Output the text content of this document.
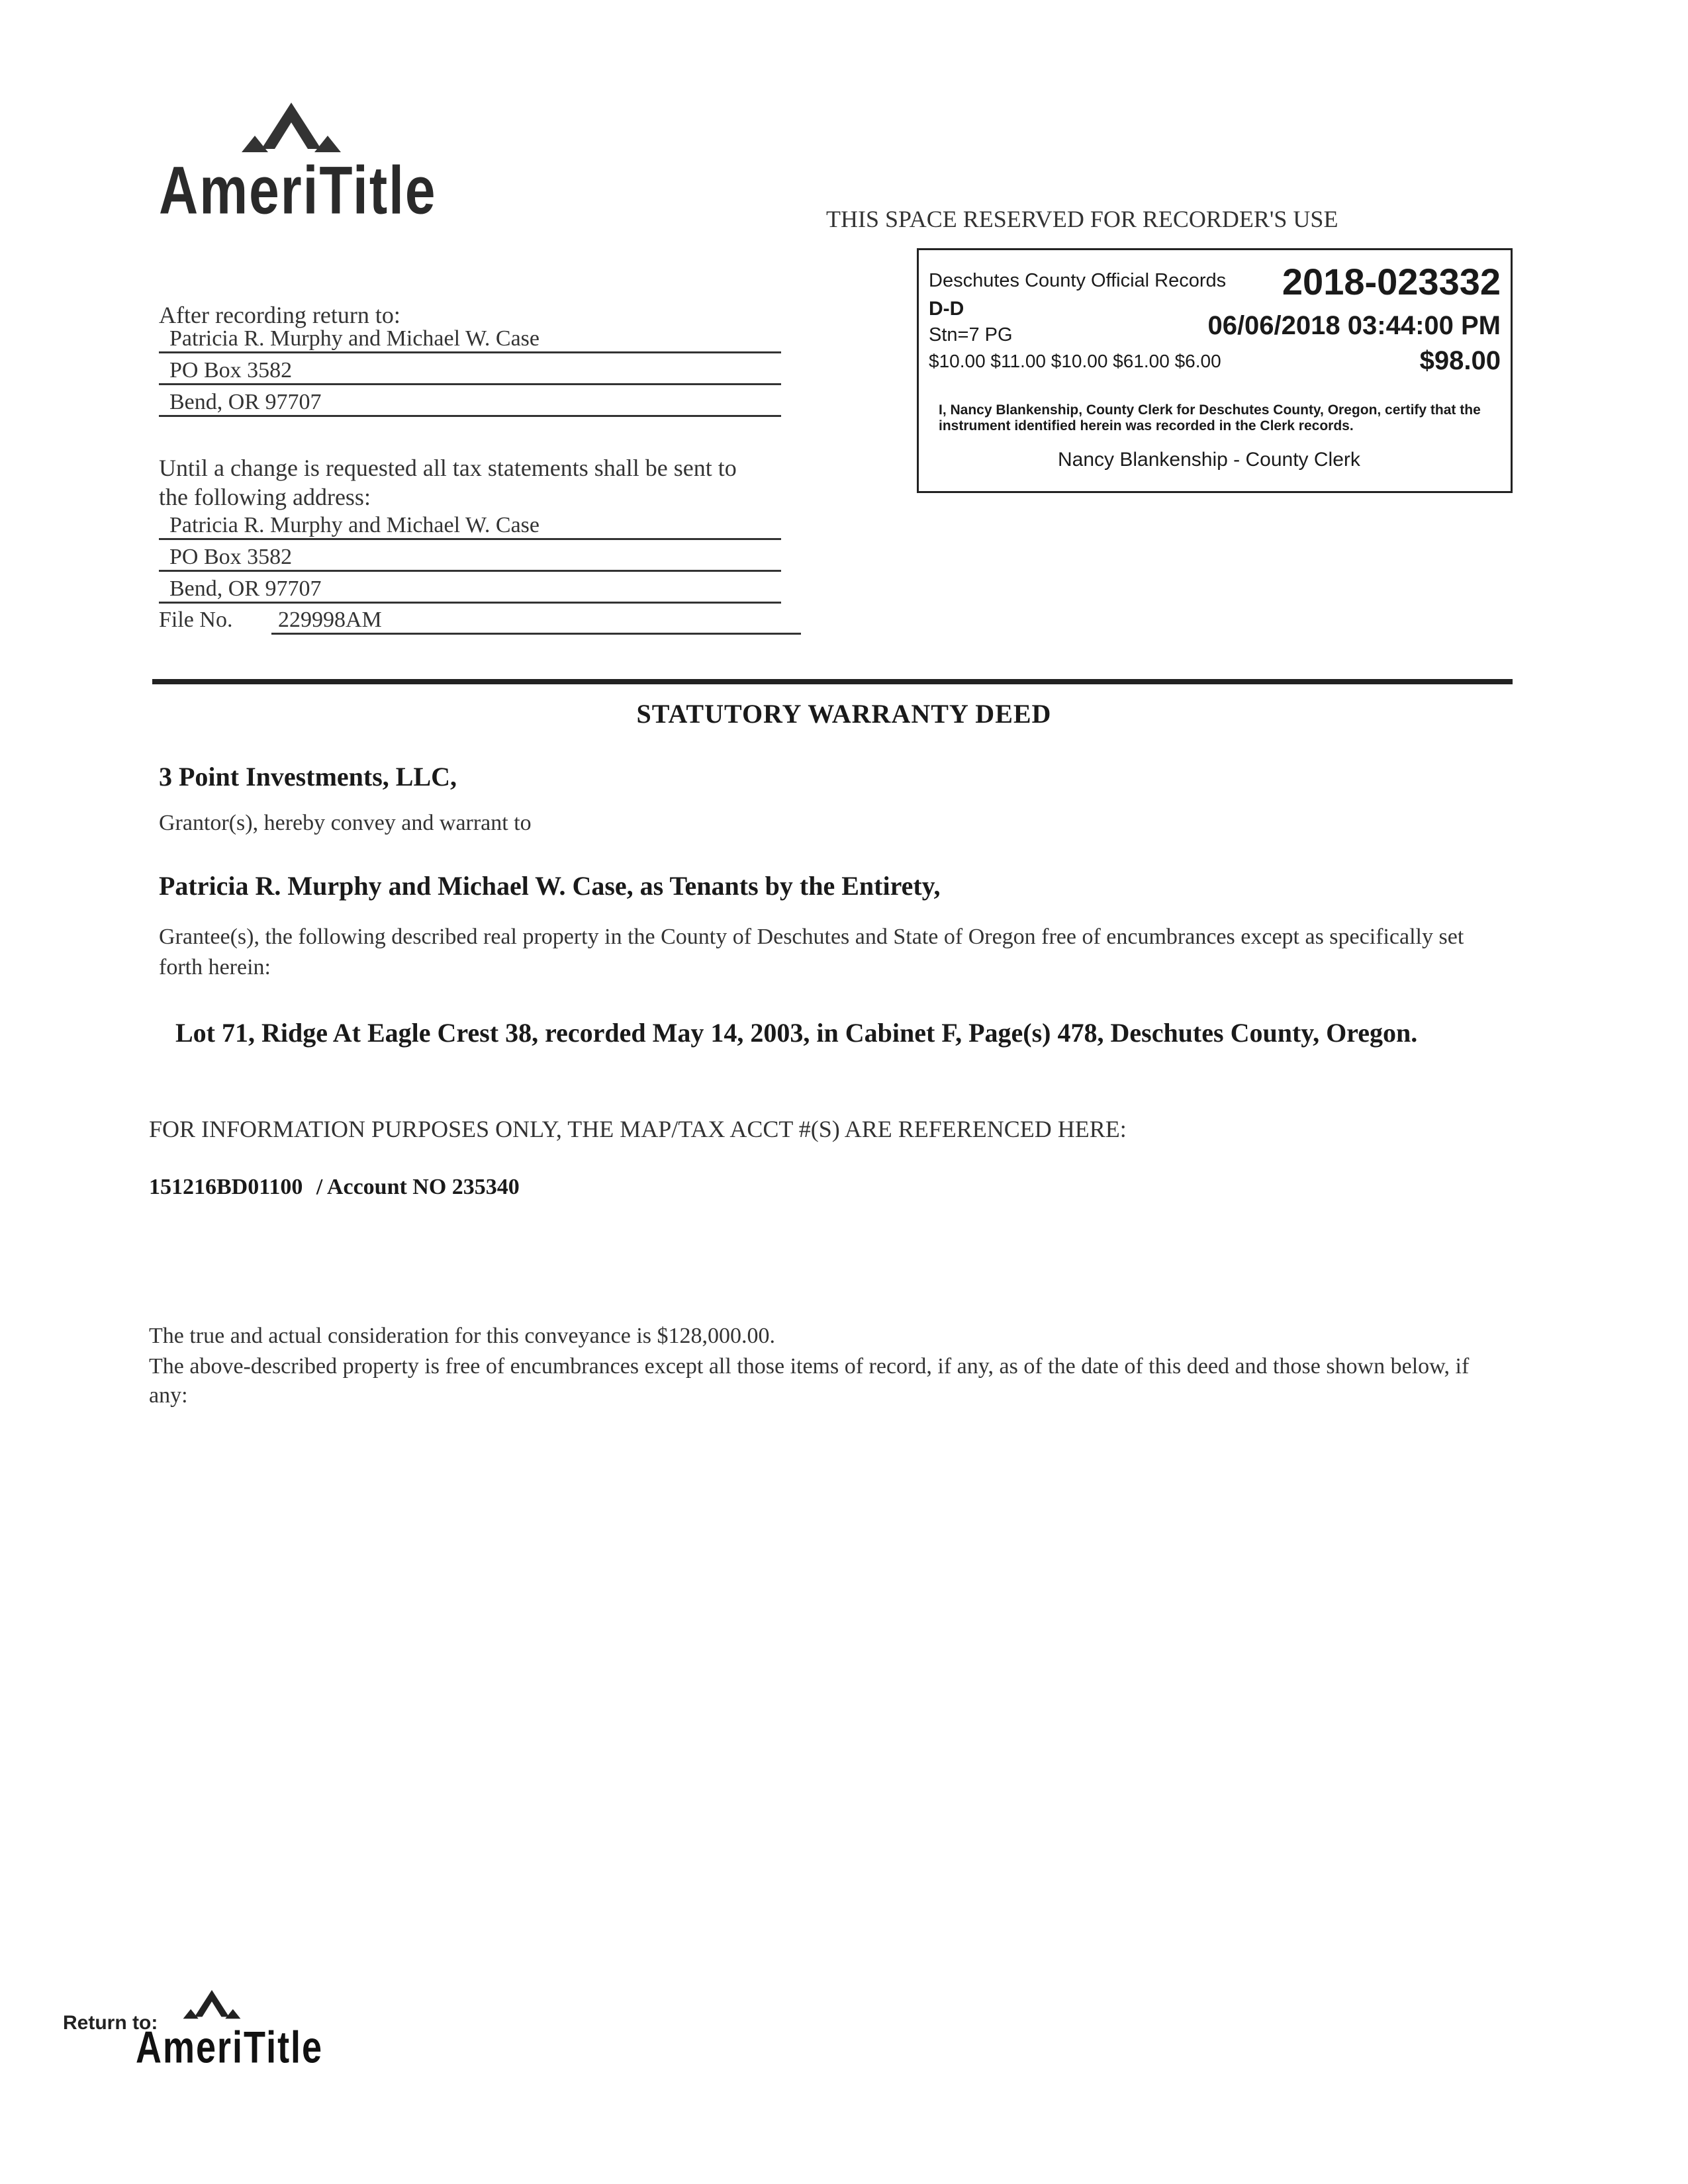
AmeriTitle	THIS SPACE RESERVED FOR RECORDER'S USE
Deschutes County Official Records 2018-023332
D-D
Stn=7 PG	06/06/2018 03:44:00 PM
$10.00 $11.00 $10.00 $61.00 $6.00	$98.00
I, Nancy Blankenship, County Clerk for Deschutes County, Oregon, certify that the instrument identified herein was recorded in the Clerk records.
Nancy Blankenship - County Clerk
After recording return to:
Patricia R. Murphy and Michael W. Case
PO Box 3582
Bend, OR 97707
Until a change is requested all tax statements shall be sent to the following address:
Patricia R. Murphy and Michael W. Case
PO Box 3582
Bend, OR 97707
File No. 229998AM
STATUTORY WARRANTY DEED
3 Point Investments, LLC,
Grantor(s), hereby convey and warrant to
Patricia R. Murphy and Michael W. Case, as Tenants by the Entirety,
Grantee(s), the following described real property in the County of Deschutes and State of Oregon free of encumbrances except as specifically set forth herein:
Lot 71, Ridge At Eagle Crest 38, recorded May 14, 2003, in Cabinet F, Page(s) 478, Deschutes County, Oregon.
FOR INFORMATION PURPOSES ONLY, THE MAP/TAX ACCT #(S) ARE REFERENCED HERE:
151216BD01100 / Account NO 235340
The true and actual consideration for this conveyance is $128,000.00.
The above-described property is free of encumbrances except all those items of record, if any, as of the date of this deed and those shown below, if any:
Return to:
AmeriTitle
